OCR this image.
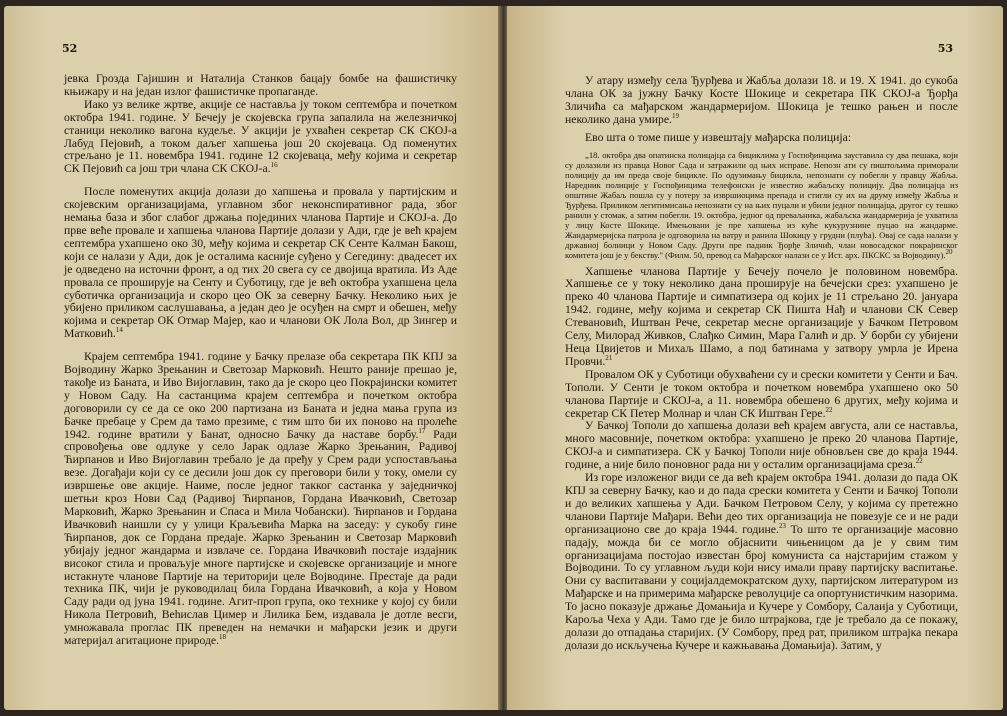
52

јевка Грозда Гајишин и Наталија Станков бацају бомбе на фашистичку књижару и на један излог фашистичке пропаганде.

Иако уз велике жртве, акције се наставља ју током септембра и почетком октобра 1941. године. У Бечеју је скојевска група запалила на железничкој станици неколико вагона кудеље. У акцији је ухваћен секретар СК СКОЈ-а Лабуд Пејовић, а током даљег хапшења још 20 скојеваца. Од поменутих стрељано је 11. новембра 1941. године 12 скојеваца, међу којима и секретар СК Пејовић са још три члана СК СКОЈ-а.$^{16}$

После поменутих акција долази до хапшења и провала у партијским и скојевским организацијама, углавном због неконспиративног рада, због немања база и због слабог држања појединих чланова Партије и СКОЈ-а. До прве веће провале и хапшења чланова Партије долази у Ади, где је већ крајем септембра ухапшено око 30, међу којима и секретар СК Сенте Калман Бакош, који се налази у Ади, док је осталима касније суђено у Сегедину: двадесет их је одведено на источни фронт, а од тих 20 свега су се двојица вратила. Из Аде провала се проширује на Сенту и Суботицу, где је већ октобра ухапшена цела суботичка организација и скоро цео ОК за северну Бачку. Неколико њих је убијено приликом саслушавања, а један део је осуђен на смрт и обешен, међу којима и секретар ОК Отмар Мајер, као и чланови ОК Лола Вол, др Зингер и Матковић.$^{14}$

Крајем септембра 1941. године у Бачку прелазе оба секретара ПК КПЈ за Војводину Жарко Зрењанин и Светозар Марковић. Нешто раније прешао је, такође из Баната, и Иво Вијоглавин, тако да је скоро цео Покрајински комитет у Новом Саду. На састанцима крајем септембра и почетком октобра договорили су се да се око 200 партизана из Баната и једна мања група из Бачке пребаце у Срем да тамо презиме, с тим што би их поново на пролеће 1942. године вратили у Банат, односно Бачку да наставе борбу.$^{17}$ Ради спровођења ове одлуке у село Јарак одлазе Жарко Зрењанин, Радивој Ћирпанов и Иво Вијоглавин требало је да пређу у Срем ради успостављања везе. Догађаји који су се десили још док су преговори били у току, омели су извршење ове акције. Наиме, после једног такког састанка у заједничкој шетњи кроз Нови Сад (Радивој Ћирпанов, Гордана Ивачковић, Светозар Марковић, Жарко Зрењанин и Спаса и Мила Чобански). Ћирпанов и Гордана Ивачковић наишли су у улици Краљевића Марка на заседу: у сукобу гине Ћирпанов, док се Гордана предаје. Жарко Зрењанин и Светозар Марковић убијају једног жандарма и извлаче се. Гордана Ивачковић постаје издајник високог стила и проваљује многе партијске и скојевске организације и многе истакнуте чланове Партије на територији целе Војводине. Престаје да ради техника ПК, чији је руководилац била Гордана Ивачковић, а која у Новом Саду ради од јуна 1941. године. Агит-проп група, око технике у којој су били Никола Петровић, Веһислав Цимер и Лилика Бем, издавала је дотле весги, умножавала проглас ПК преведен на немачки и мађарски језик и други материјал агитационе природе.$^{18}$

53

У атару између села Ђурђева и Жабља долази 18. и 19. X 1941. до сукоба чланa ОК за јужну Бачку Косте Шокице и секретара ПК СКОЈ-а Ђорђа Зличића са мађарском жандармеријом. Шокица је тешко рањен и после неколико дана умире.$^{19}$

Ево шта о томе пише у извештају мађарска полиција:

„18. октобра два опатинска полицајца са бициклима у Госпођинцима заустaвила су два пешака, који су долазили из правца Новог Сада и затражили од њих исправе. Непозн ати су пиштољима приморали полицију да им преда своје бицикле. По одузимању бицикла, непознати су побегли у правцу Жабља. Наредник полиције у Госпођинцима телефонски је известио жабаљску полицију. Два полицајца из општине Жабаљ пошла су у потеру за извршиоцима препада и стигли су их на друму између Жабља и Ђурђева. Приликом легитимисања непознати су на њих пуцали и убили једног полицајца, другог су тешко ранили у стомак, а затим побегли. 19. октобра, једног од преваљника, жабаљска жандармерија је ухватила у лицу Косте Шокице. Имењовани је пре хапшења из куће кукурузнинe пуцао на жандарме. Жандармеријска патрола је одговорила на ватру и ранила Шокицу у грудни (плућа). Овај се сада налази у државној болници у Новом Саду. Други пре падник Ђорђе Зличић, члан новосадског покрајинског комитета још је у бекству." (Филм. 50, превод са Мађарског налази се у Ист. арх. ПКСКС за Војводину).$^{20}$

Хапшење чланова Партије у Бечеју почело је половином новембра. Хапшење се у току неколико дана проширује на бечејски срез: ухапшено је преко 40 чланова Партије и симпатизера од којих је 11 стрељано 20. јануара 1942. године, међу којима и секретар СК Пишта Нађ и чланови СК Север Стевановић, Иштван Рече, секретар месне организације у Бачком Петровом Селу, Милорад Живков, Слађко Симин, Мара Галић и др. У борби су убијени Неца Цвијетов и Михаљ Шамо, а под батинама у затвору умрла је Ирена Провчи.$^{21}$

Провалом ОК у Суботици обухваћени су и срески комитети у Сенти и Бач. Тополи. У Сенти је током октобра и почетком новембра ухапшено око 50 чланова Партије и СКОЈ-а, а 11. новембра обешено 6 других, међу којима и секретар СК Петер Молнар и члан СК Иштван Гере.$^{22}$

У Бачкој Тополи до хапшења долази већ крајем августа, али се настављa, много масовније, почетком октобра: ухапшено је преко 20 чланова Партије, СКОЈ-а и симпатизера. СК у Бачкој Тополи није обновљен све до краја 1944. године, а није било поновног рада ни у осталим организацијама среза.$^{22}$

Из горе изложеног види се да већ крајем октобра 1941. долази до пада ОК КПЈ за северну Бачку, као и до пада срески комитета у Сенти и Бачкој Тополи и до великих хапшења у Ади. Бачком Петровом Селу, у којима су претежно чланови Партије Мађари. Већи део тих организација не повезује се и не ради организационо све до краја 1944. године.$^{23}$ То што те организације масовно падају, можда би се могло објаснити чињеницом да је у свим тим организацијама постојао известан број комуниста са најстаријим стажом у Војводини. То су углавном људи који нису имали праву партијску васпитање. Они су васпитавани у социјалдемократском духу, партијском литературом из Мађарске и на примерима мађарске револуције са опортунистичким назорима. То јасно показује држање Домањија и Кучере у Сомбору, Салаија у Суботици, Карољa Чеха у Ади. Тамо где је било штрајкова, где је требало да се покажу, долази до отпадања старијих. (У Сомбору, пред рат, приликом штрајка пекара долази до искључења Кучере и кажњавања Домањија). Затим, у
